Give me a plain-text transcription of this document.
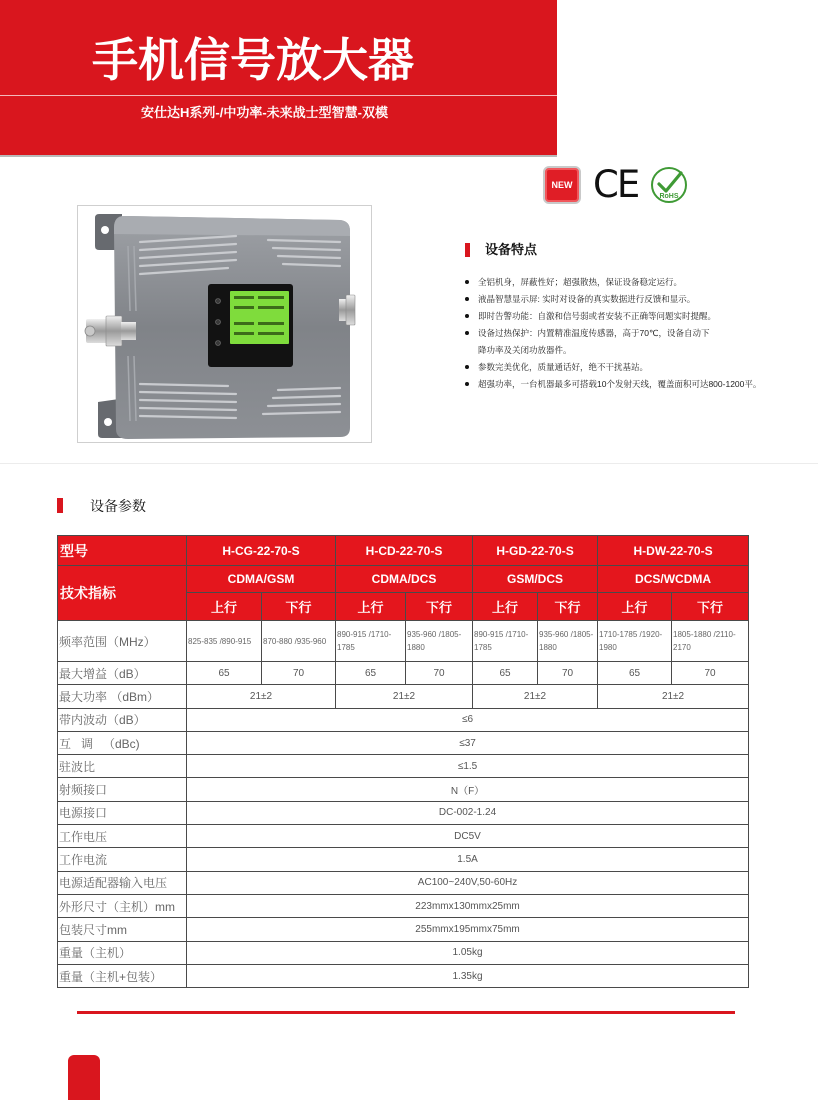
手机信号放大器
安仕达H系列-/中功率-未来战士型智慧-双模
NEW CE	RoHS
设备特点
全铝机身，屏蔽性好；超强散热，保证设备稳定运行。
液晶智慧显示屏: 实时对设备的真实数据进行反馈和显示。
即时告警功能：自激和信号弱或者安装不正确等问题实时提醒。
设备过热保护：内置精准温度传感器，高于70℃，设备自动下
降功率及关闭功放器件。
参数完美优化，质量通话好，绝不干扰基站。
超强功率，一台机器最多可搭载10个发射天线，覆盖面积可达800-1200平。
设备参数
型号	H-CG-22-70-S		H-CD-22-70-S		H-GD-22-70-S		H-DW-22-70-S	
技术指标	CDMA/GSM		CDMA/DCS		GSM/DCS		DCS/WCDMA	
	上行	下行	上行	下行	上行	下行	上行	下行
频率范围（MHz）	825-835 /890-915	870-880 /935-960	890-915 /1710-1785	935-960 /1805-1880	890-915 /1710-1785	935-960 /1805-1880	1710-1785 /1920-1980	1805-1880 /2110-2170
最大增益（dB）	65	70	65	70	65	70	65	70
最大功率 （dBm）	21±2		21±2		21±2		21±2	
带内波动（dB）	≤6							
互   调   （dBc)	≤37							
驻波比	≤1.5							
射频接口	N（F）							
电源接口	DC-002-1.24							
工作电压	DC5V							
工作电流	1.5A							
电源适配器输入电压	AC100~240V,50-60Hz							
外形尺寸（主机）mm	223mmx130mmx25mm							
包装尺寸mm	255mmx195mmx75mm							
重量（主机）	1.05kg							
重量（主机+包装）	1.35kg							
